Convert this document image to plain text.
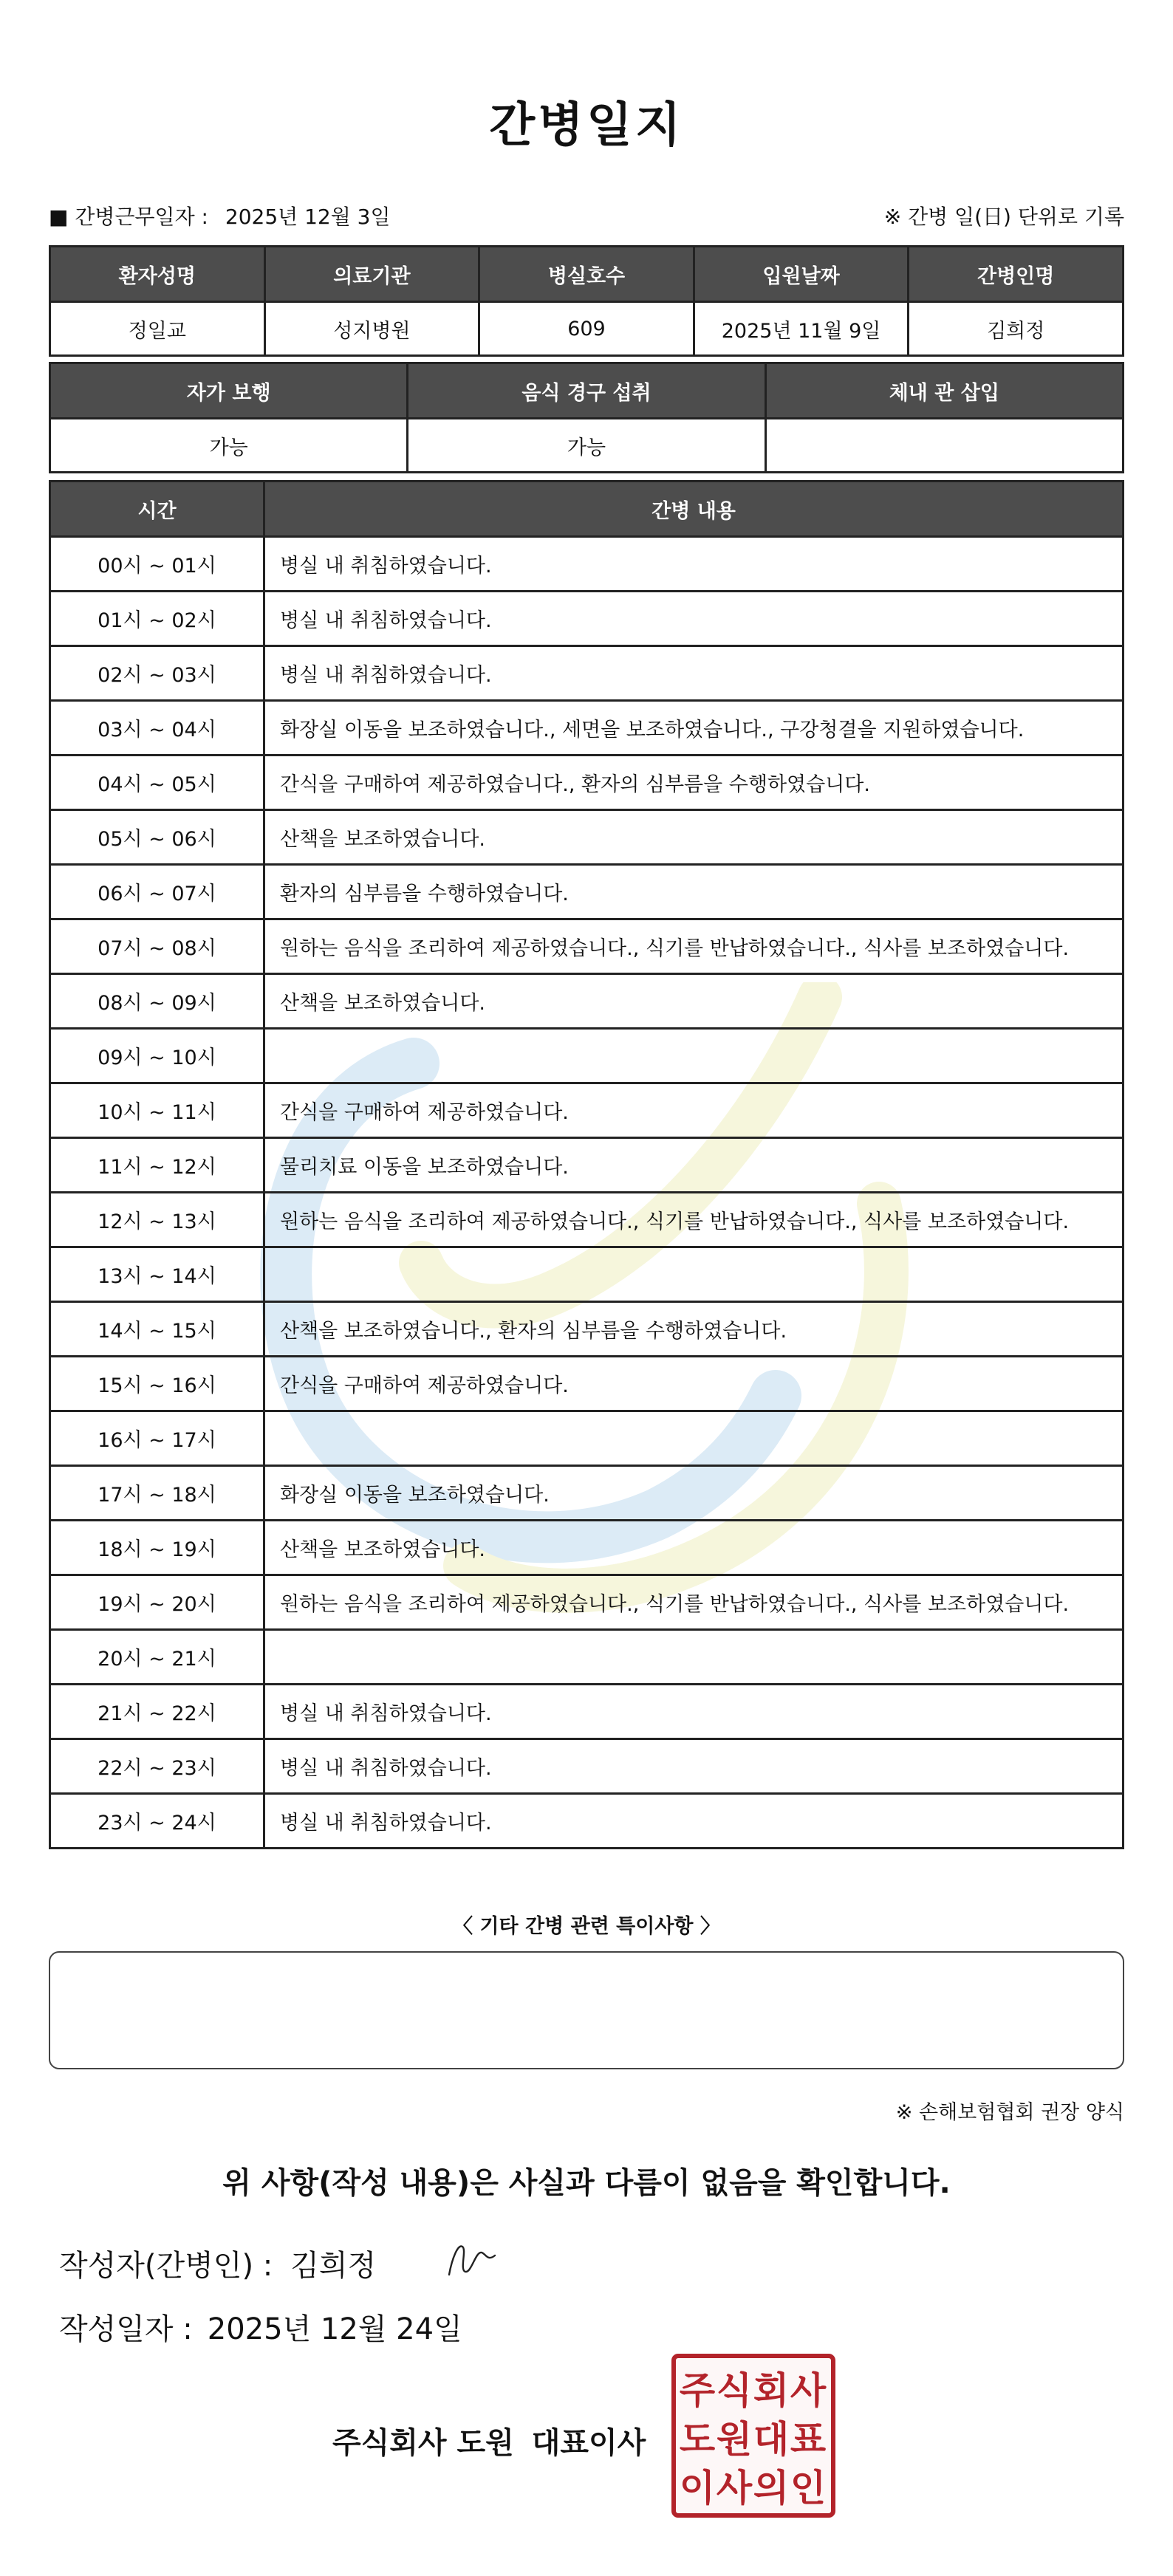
간병일지
■ 간병근무일자 : 2025년 12월 3일	※ 간병 일(日) 단위로 기록
환자성명	의료기관	병실호수	입원날짜	간병인명
정일교	성지병원	609	2025년 11월 9일	김희정
자가 보행	음식 경구 섭취	체내 관 삽입
가능	가능	
시간	간병 내용
00시 ~ 01시	병실 내 취침하였습니다.
01시 ~ 02시	병실 내 취침하였습니다.
02시 ~ 03시	병실 내 취침하였습니다.
03시 ~ 04시	화장실 이동을 보조하였습니다., 세면을 보조하였습니다., 구강청결을 지원하였습니다.
04시 ~ 05시	간식을 구매하여 제공하였습니다., 환자의 심부름을 수행하였습니다.
05시 ~ 06시	산책을 보조하였습니다.
06시 ~ 07시	환자의 심부름을 수행하였습니다.
07시 ~ 08시	원하는 음식을 조리하여 제공하였습니다., 식기를 반납하였습니다., 식사를 보조하였습니다.
08시 ~ 09시	산책을 보조하였습니다.
09시 ~ 10시	
10시 ~ 11시	간식을 구매하여 제공하였습니다.
11시 ~ 12시	물리치료 이동을 보조하였습니다.
12시 ~ 13시	원하는 음식을 조리하여 제공하였습니다., 식기를 반납하였습니다., 식사를 보조하였습니다.
13시 ~ 14시	
14시 ~ 15시	산책을 보조하였습니다., 환자의 심부름을 수행하였습니다.
15시 ~ 16시	간식을 구매하여 제공하였습니다.
16시 ~ 17시	
17시 ~ 18시	화장실 이동을 보조하였습니다.
18시 ~ 19시	산책을 보조하였습니다.
19시 ~ 20시	원하는 음식을 조리하여 제공하였습니다., 식기를 반납하였습니다., 식사를 보조하였습니다.
20시 ~ 21시	
21시 ~ 22시	병실 내 취침하였습니다.
22시 ~ 23시	병실 내 취침하였습니다.
23시 ~ 24시	병실 내 취침하였습니다.
〈 기타 간병 관련 특이사항 〉
※ 손해보험협회 권장 양식
위 사항(작성 내용)은 사실과 다름이 없음을 확인합니다.
작성자(간병인) : 김희정
작성일자 : 2025년 12월 24일
주식회사 도원 대표이사
주 식 회 사
도 원 대 표
이 사 의 인
